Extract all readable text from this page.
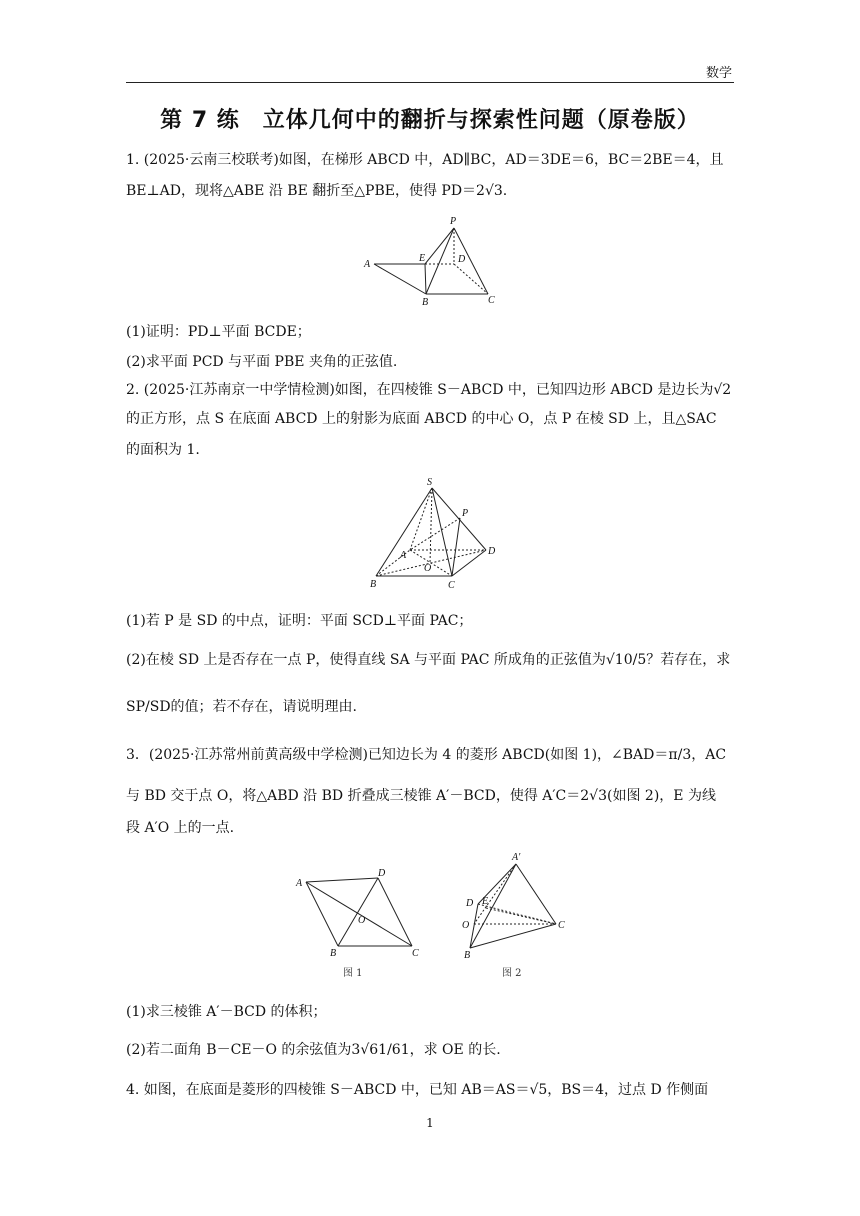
数学
第 7 练　立体几何中的翻折与探索性问题（原卷版）
1. (2025·云南三校联考)如图，在梯形 ABCD 中，AD∥BC，AD＝3DE＝6，BC＝2BE＝4，且
BE⊥AD，现将△ABE 沿 BE 翻折至△PBE，使得 PD＝2√3.
P
A
E	D
B	C
(1)证明：PD⊥平面 BCDE；
(2)求平面 PCD 与平面 PBE 夹角的正弦值.
2. (2025·江苏南京一中学情检测)如图，在四棱锥 S－ABCD 中，已知四边形 ABCD 是边长为√2
的正方形，点 S 在底面 ABCD 上的射影为底面 ABCD 的中心 O，点 P 在棱 SD 上，且△SAC
的面积为 1.
S
P
D
A
O
B	C
(1)若 P 是 SD 的中点，证明：平面 SCD⊥平面 PAC；
(2)在棱 SD 上是否存在一点 P，使得直线 SA 与平面 PAC 所成角的正弦值为√10/5？若存在，求
SP/SD的值；若不存在，请说明理由.
3．(2025·江苏常州前黄高级中学检测)已知边长为 4 的菱形 ABCD(如图 1)，∠BAD＝π/3，AC
与 BD 交于点 O，将△ABD 沿 BD 折叠成三棱锥 A′－BCD，使得 A′C＝2√3(如图 2)，E 为线
段 A′O 上的一点.
A
D
O
B	C
图 1
A′
D E
O
B
C
图 2
(1)求三棱锥 A′－BCD 的体积；
(2)若二面角 B－CE－O 的余弦值为3√61/61，求 OE 的长.
4. 如图，在底面是菱形的四棱锥 S－ABCD 中，已知 AB＝AS＝√5，BS＝4，过点 D 作侧面
1
